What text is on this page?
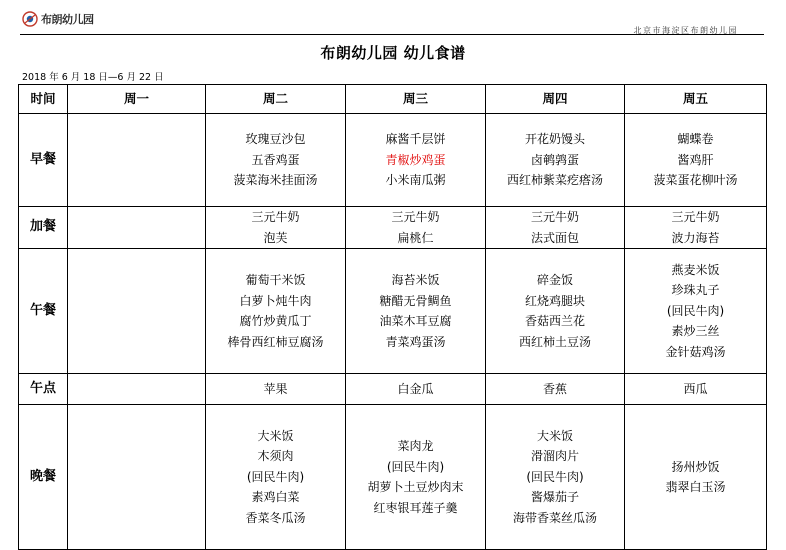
布朗幼儿园
北京市海淀区布朗幼儿园
布朗幼儿园 幼儿食谱
2018 年 6 月 18 日—6 月 22 日
时间	周一	周二	周三	周四	周五
早餐		玫瑰豆沙包
五香鸡蛋
菠菜海米挂面汤	麻酱千层饼
青椒炒鸡蛋
小米南瓜粥	开花奶馒头
卤鹌鹑蛋
西红柿紫菜疙瘩汤	蝴蝶卷
酱鸡肝
菠菜蛋花柳叶汤

加餐		三元牛奶
泡芙	三元牛奶
扁桃仁	三元牛奶
法式面包	三元牛奶
波力海苔

午餐		葡萄干米饭
白萝卜炖牛肉
腐竹炒黄瓜丁
棒骨西红柿豆腐汤	海苔米饭
糖醋无骨鲷鱼
油菜木耳豆腐
青菜鸡蛋汤	碎金饭
红烧鸡腿块
香菇西兰花
西红柿土豆汤	燕麦米饭
珍珠丸子
(回民牛肉)
素炒三丝
金针菇鸡汤

午点		苹果	白金瓜	香蕉	西瓜

晚餐		大米饭
木须肉
(回民牛肉)
素鸡白菜
香菜冬瓜汤	菜肉龙
(回民牛肉)
胡萝卜土豆炒肉末
红枣银耳莲子羹	大米饭
滑溜肉片
(回民牛肉)
酱爆茄子
海带香菜丝瓜汤	扬州炒饭
翡翠白玉汤
